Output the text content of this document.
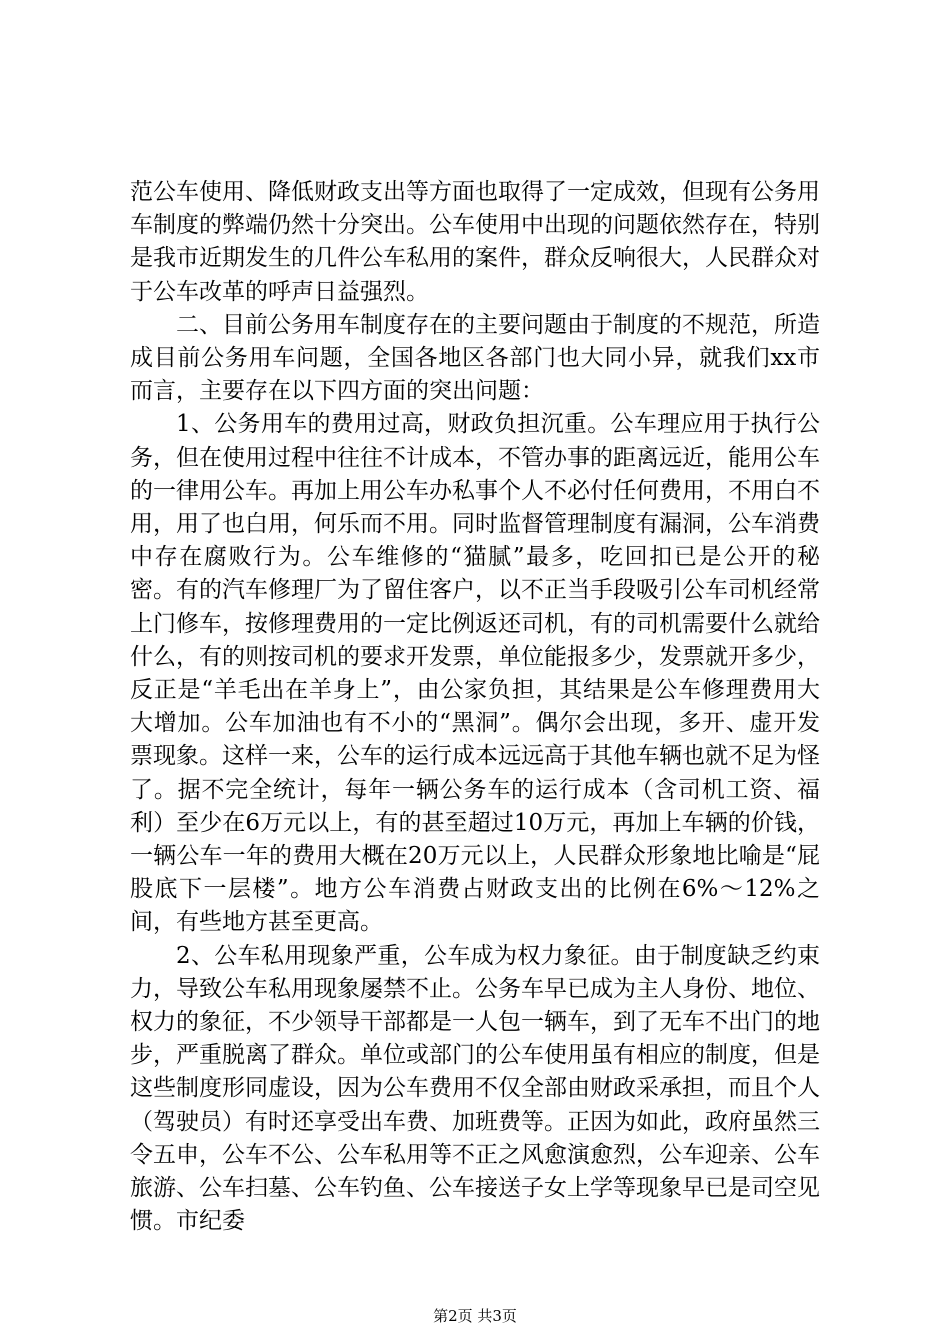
范公车使用、降低财政支出等方面也取得了一定成效，但现有公务用车制度的弊端仍然十分突出。公车使用中出现的问题依然存在，特别是我市近期发生的几件公车私用的案件，群众反响很大，人民群众对于公车改革的呼声日益强烈。

二、目前公务用车制度存在的主要问题由于制度的不规范，所造成目前公务用车问题，全国各地区各部门也大同小异，就我们xx市而言，主要存在以下四方面的突出问题：

1、公务用车的费用过高，财政负担沉重。公车理应用于执行公务，但在使用过程中往往不计成本，不管办事的距离远近，能用公车的一律用公车。再加上用公车办私事个人不必付任何费用，不用白不用，用了也白用，何乐而不用。同时监督管理制度有漏洞，公车消费中存在腐败行为。公车维修的“猫腻”最多，吃回扣已是公开的秘密。有的汽车修理厂为了留住客户，以不正当手段吸引公车司机经常上门修车，按修理费用的一定比例返还司机，有的司机需要什么就给什么，有的则按司机的要求开发票，单位能报多少，发票就开多少，反正是“羊毛出在羊身上”，由公家负担，其结果是公车修理费用大大增加。公车加油也有不小的“黑洞”。偶尔会出现，多开、虚开发票现象。这样一来，公车的运行成本远远高于其他车辆也就不足为怪了。据不完全统计，每年一辆公务车的运行成本（含司机工资、福利）至少在6万元以上，有的甚至超过10万元，再加上车辆的价钱，一辆公车一年的费用大概在20万元以上，人民群众形象地比喻是“屁股底下一层楼”。地方公车消费占财政支出的比例在6%～12%之间，有些地方甚至更高。

2、公车私用现象严重，公车成为权力象征。由于制度缺乏约束力，导致公车私用现象屡禁不止。公务车早已成为主人身份、地位、权力的象征，不少领导干部都是一人包一辆车，到了无车不出门的地步，严重脱离了群众。单位或部门的公车使用虽有相应的制度，但是这些制度形同虚设，因为公车费用不仅全部由财政采承担，而且个人（驾驶员）有时还享受出车费、加班费等。正因为如此，政府虽然三令五申，公车不公、公车私用等不正之风愈演愈烈，公车迎亲、公车旅游、公车扫墓、公车钓鱼、公车接送子女上学等现象早已是司空见惯。市纪委

第2页 共3页
